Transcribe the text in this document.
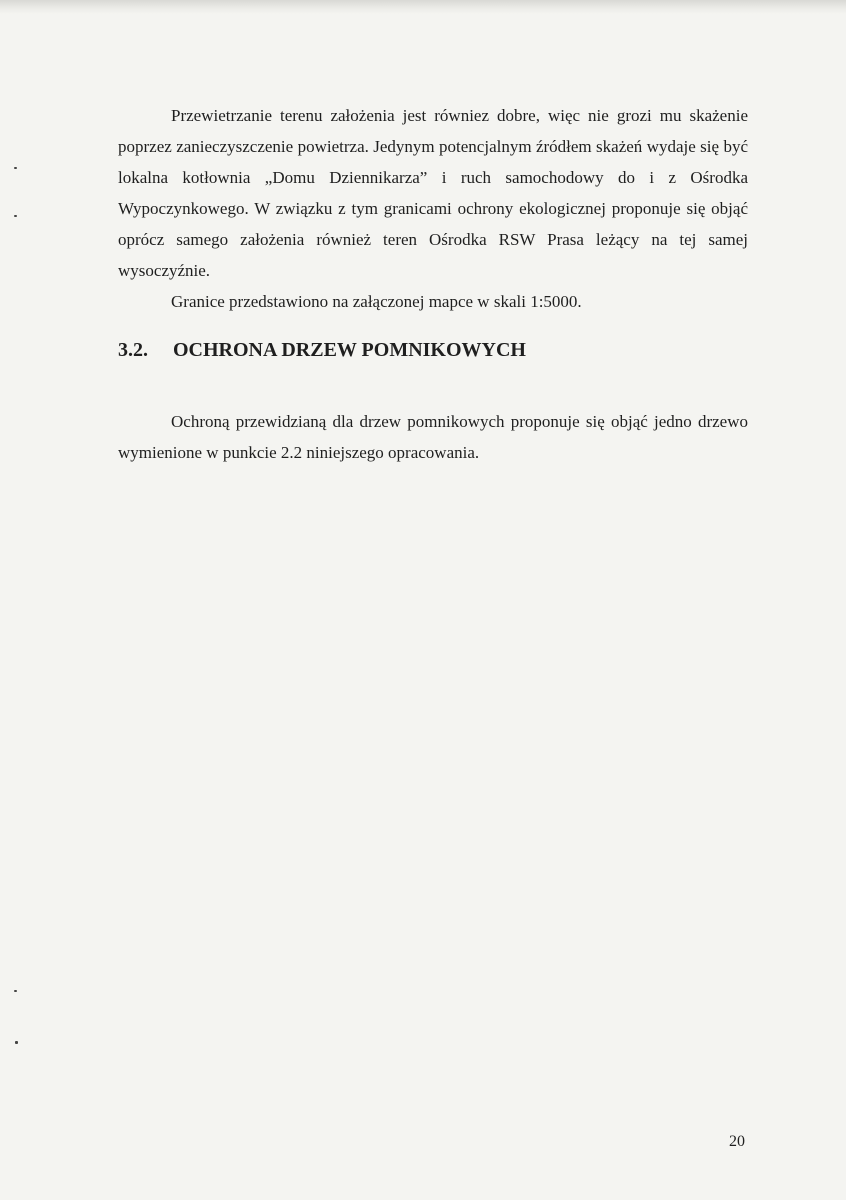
Przewietrzanie terenu założenia jest równiez dobre, więc nie grozi mu skażenie poprzez zanieczyszczenie powietrza. Jedynym potencjalnym źródłem skażeń wydaje się być lokalna kotłownia „Domu Dziennikarza” i ruch samochodowy do i z Ośrodka Wypoczynkowego. W związku z tym granicami ochrony ekologicznej proponuje się objąć oprócz samego założenia również teren Ośrodka RSW Prasa leżący na tej samej wysoczyźnie.

Granice przedstawiono na załączonej mapce w skali 1:5000.

3.2. OCHRONA DRZEW POMNIKOWYCH

Ochroną przewidzianą dla drzew pomnikowych proponuje się objąć jedno drzewo wymienione w punkcie 2.2 niniejszego opracowania.

20
